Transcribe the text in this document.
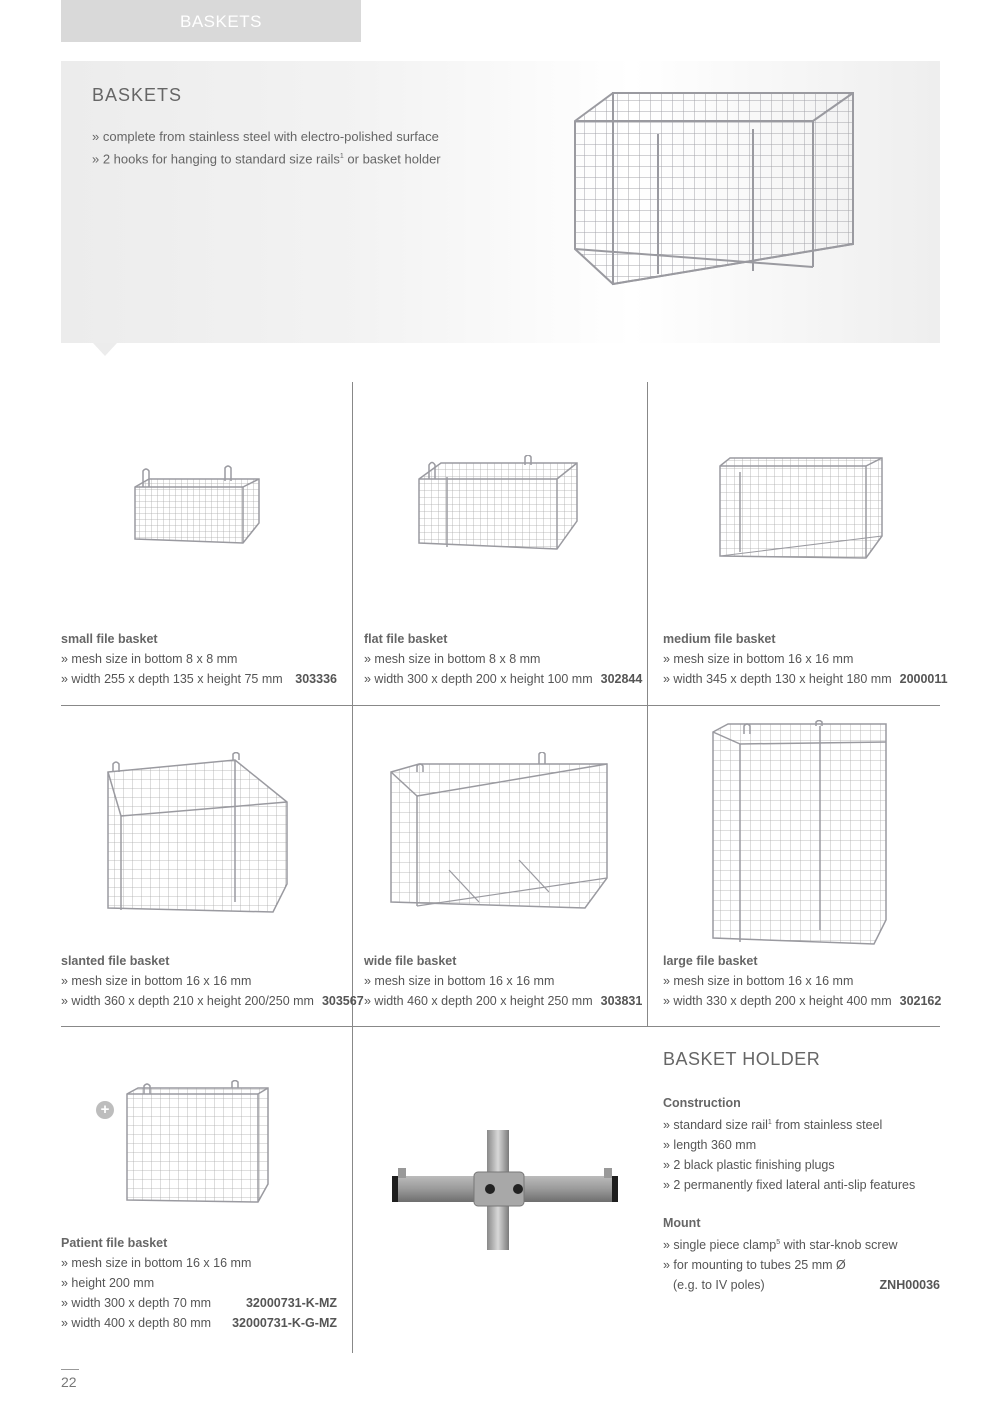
BASKETS
BASKETS
» complete from stainless steel with electro-polished surface
» 2 hooks for hanging to standard size rails$^1$ or basket holder
small file basket
» mesh size in bottom 8 x 8 mm
» width 255 x depth 135 x height 75 mm 303336
flat file basket
» mesh size in bottom 8 x 8 mm
» width 300 x depth 200 x height 100 mm 302844
medium file basket
» mesh size in bottom 16 x 16 mm
» width 345 x depth 130 x height 180 mm 2000011
slanted file basket
» mesh size in bottom 16 x 16 mm
» width 360 x depth 210 x height 200/250 mm 303567
wide file basket
» mesh size in bottom 16 x 16 mm
» width 460 x depth 200 x height 250 mm 303831
large file basket
» mesh size in bottom 16 x 16 mm
» width 330 x depth 200 x height 400 mm 302162
+
Patient file basket
» mesh size in bottom 16 x 16 mm
» height 200 mm
» width 300 x depth 70 mm	32000731-K-MZ
» width 400 x depth 80 mm 32000731-K-G-MZ
BASKET HOLDER
Construction
» standard size rail$^1$ from stainless steel
» length 360 mm
» 2 black plastic finishing plugs
» 2 permanently fixed lateral anti-slip features
Mount
» single piece clamp$^5$ with star-knob screw
» for mounting to tubes 25 mm Ø
(e.g. to IV poles)	ZNH00036
22
